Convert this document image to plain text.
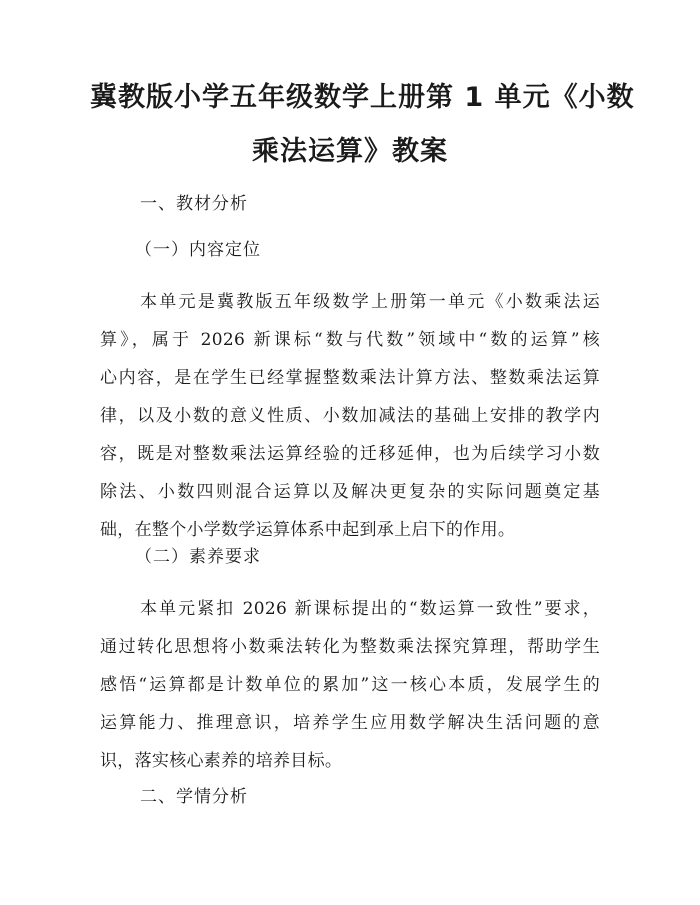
冀教版小学五年级数学上册第 1 单元《小数
乘法运算》教案
一、教材分析
（一）内容定位
本单元是冀教版五年级数学上册第一单元《小数乘法运
算》，属于 2026 新课标“数与代数”领域中“数的运算”核
心内容，是在学生已经掌握整数乘法计算方法、整数乘法运算
律，以及小数的意义性质、小数加减法的基础上安排的教学内
容，既是对整数乘法运算经验的迁移延伸，也为后续学习小数
除法、小数四则混合运算以及解决更复杂的实际问题奠定基
础，在整个小学数学运算体系中起到承上启下的作用。
（二）素养要求
本单元紧扣 2026 新课标提出的“数运算一致性”要求，
通过转化思想将小数乘法转化为整数乘法探究算理，帮助学生
感悟“运算都是计数单位的累加”这一核心本质，发展学生的
运算能力、推理意识，培养学生应用数学解决生活问题的意
识，落实核心素养的培养目标。
二、学情分析
